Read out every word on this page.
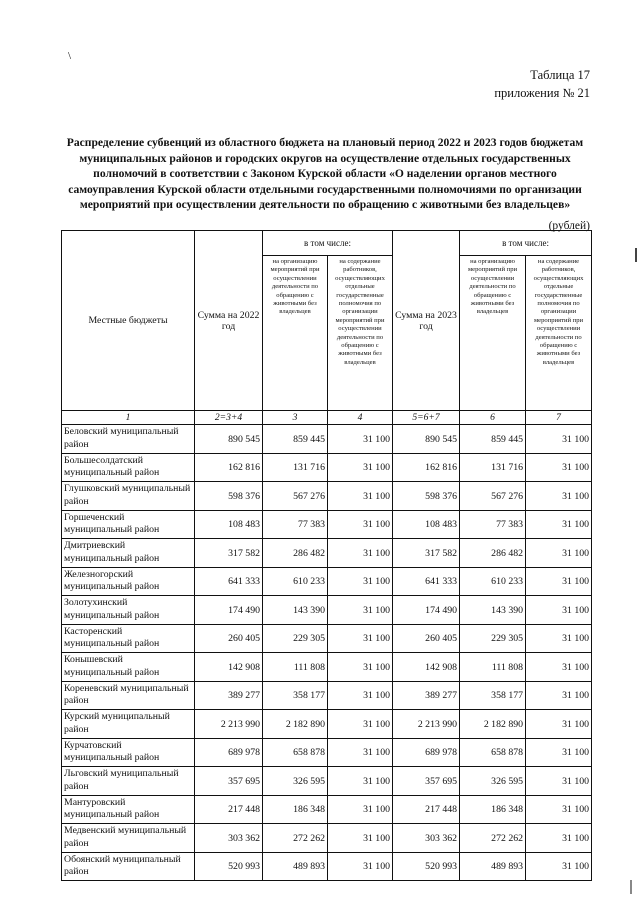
\
Таблица 17
приложения № 21
Распределение субвенций из областного бюджета на плановый период 2022 и 2023 годов бюджетам муниципальных районов и городских округов на осуществление отдельных государственных полномочий в соответствии с Законом Курской области «О наделении органов местного самоуправления Курской области отдельными государственными полномочиями по организации мероприятий при осуществлении деятельности по обращению с животными без владельцев»
(рублей)
Местные бюджеты	Сумма на 2022 год	в том числе:		Сумма на 2023 год	в том числе:	
		на организацию мероприятий при осуществлении деятельности по обращению с животными без владельцев	на содержание работников, осуществляющих отдельные государственные полномочия по организации мероприятий при осуществлении деятельности по обращению с животными без владельцев		на организацию мероприятий при осуществлении деятельности по обращению с животными без владельцев	на содержание работников, осуществляющих отдельные государственные полномочия по организации мероприятий при осуществлении деятельности по обращению с животными без владельцев
1	2=3+4	3	4	5=6+7	6	7
Беловский муниципальный район	890 545	859 445	31 100	890 545	859 445	31 100
Большесолдатский муниципальный район	162 816	131 716	31 100	162 816	131 716	31 100
Глушковский муниципальный район	598 376	567 276	31 100	598 376	567 276	31 100
Горшеченский муниципальный район	108 483	77 383	31 100	108 483	77 383	31 100
Дмитриевский муниципальный район	317 582	286 482	31 100	317 582	286 482	31 100
Железногорский муниципальный район	641 333	610 233	31 100	641 333	610 233	31 100
Золотухинский муниципальный район	174 490	143 390	31 100	174 490	143 390	31 100
Касторенский муниципальный район	260 405	229 305	31 100	260 405	229 305	31 100
Конышевский муниципальный район	142 908	111 808	31 100	142 908	111 808	31 100
Кореневский муниципальный район	389 277	358 177	31 100	389 277	358 177	31 100
Курский муниципальный район	2 213 990	2 182 890	31 100	2 213 990	2 182 890	31 100
Курчатовский муниципальный район	689 978	658 878	31 100	689 978	658 878	31 100
Льговский муниципальный район	357 695	326 595	31 100	357 695	326 595	31 100
Мантуровский муниципальный район	217 448	186 348	31 100	217 448	186 348	31 100
Медвенский муниципальный район	303 362	272 262	31 100	303 362	272 262	31 100
Обоянский муниципальный район	520 993	489 893	31 100	520 993	489 893	31 100
